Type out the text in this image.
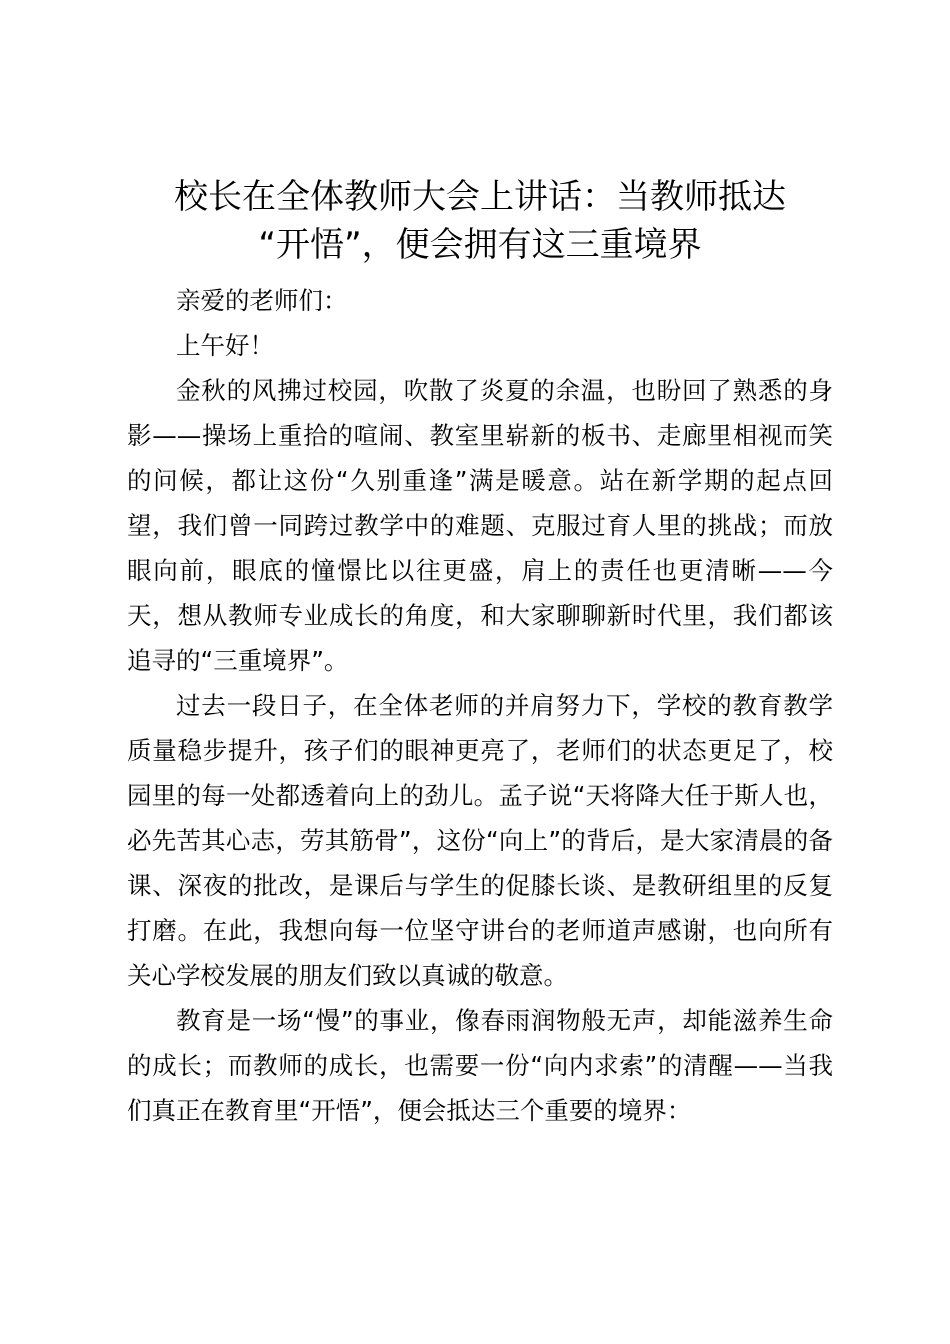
校长在全体教师大会上讲话：当教师抵达
“开悟”，便会拥有这三重境界

亲爱的老师们：

上午好！

金秋的风拂过校园，吹散了炎夏的余温，也盼回了熟悉的身影——操场上重拾的喧闹、教室里崭新的板书、走廊里相视而笑的问候，都让这份“久别重逢”满是暖意。站在新学期的起点回望，我们曾一同跨过教学中的难题、克服过育人里的挑战；而放眼向前，眼底的憧憬比以往更盛，肩上的责任也更清晰——今天，想从教师专业成长的角度，和大家聊聊新时代里，我们都该追寻的“三重境界”。

过去一段日子，在全体老师的并肩努力下，学校的教育教学质量稳步提升，孩子们的眼神更亮了，老师们的状态更足了，校园里的每一处都透着向上的劲儿。孟子说“天将降大任于斯人也，必先苦其心志，劳其筋骨”，这份“向上”的背后，是大家清晨的备课、深夜的批改，是课后与学生的促膝长谈、是教研组里的反复打磨。在此，我想向每一位坚守讲台的老师道声感谢，也向所有关心学校发展的朋友们致以真诚的敬意。

教育是一场“慢”的事业，像春雨润物般无声，却能滋养生命的成长；而教师的成长，也需要一份“向内求索”的清醒——当我们真正在教育里“开悟”，便会抵达三个重要的境界：
